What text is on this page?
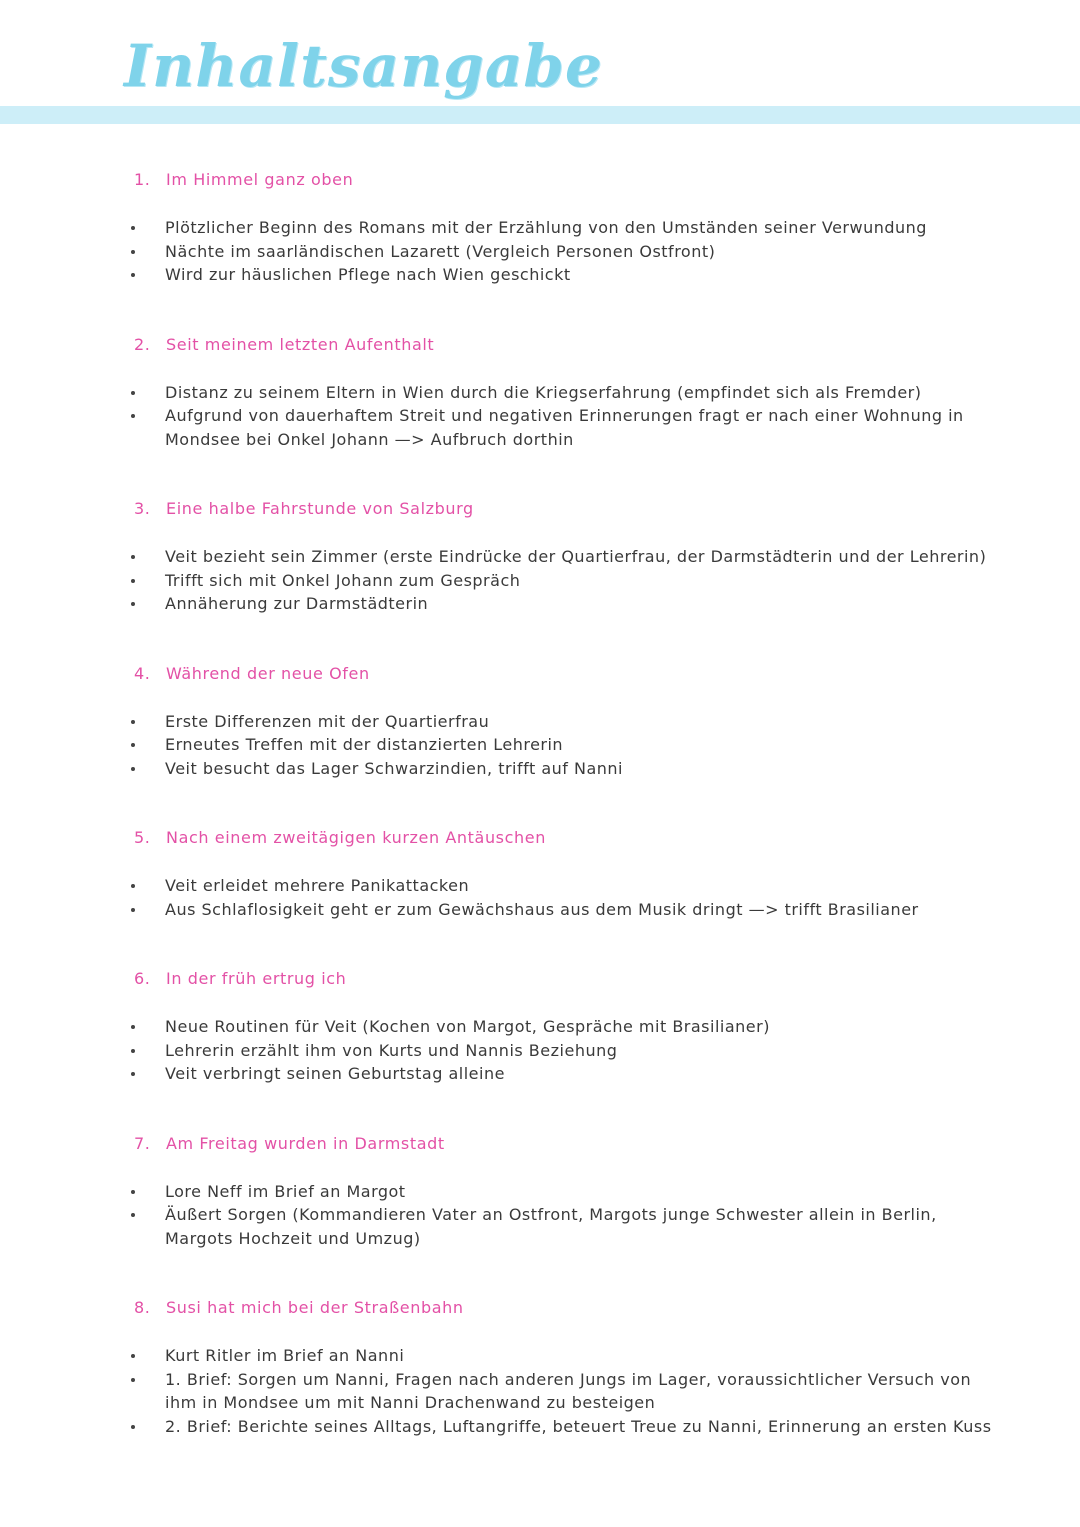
Inhaltsangabe
1. Im Himmel ganz oben
Plötzlicher Beginn des Romans mit der Erzählung von den Umständen seiner Verwundung
Nächte im saarländischen Lazarett (Vergleich Personen Ostfront)
Wird zur häuslichen Pflege nach Wien geschickt
2. Seit meinem letzten Aufenthalt
Distanz zu seinem Eltern in Wien durch die Kriegserfahrung (empfindet sich als Fremder)
Aufgrund von dauerhaftem Streit und negativen Erinnerungen fragt er nach einer Wohnung in Mondsee bei Onkel Johann —> Aufbruch dorthin
3. Eine halbe Fahrstunde von Salzburg
Veit bezieht sein Zimmer (erste Eindrücke der Quartierfrau, der Darmstädterin und der Lehrerin)
Trifft sich mit Onkel Johann zum Gespräch
Annäherung zur Darmstädterin
4. Während der neue Ofen
Erste Differenzen mit der Quartierfrau
Erneutes Treffen mit der distanzierten Lehrerin
Veit besucht das Lager Schwarzindien, trifft auf Nanni
5. Nach einem zweitägigen kurzen Antäuschen
Veit erleidet mehrere Panikattacken
Aus Schlaflosigkeit geht er zum Gewächshaus aus dem Musik dringt —> trifft Brasilianer
6. In der früh ertrug ich
Neue Routinen für Veit (Kochen von Margot, Gespräche mit Brasilianer)
Lehrerin erzählt ihm von Kurts und Nannis Beziehung
Veit verbringt seinen Geburtstag alleine
7. Am Freitag wurden in Darmstadt
Lore Neff im Brief an Margot
Äußert Sorgen (Kommandieren Vater an Ostfront, Margots junge Schwester allein in Berlin, Margots Hochzeit und Umzug)
8. Susi hat mich bei der Straßenbahn
Kurt Ritler im Brief an Nanni
1. Brief: Sorgen um Nanni, Fragen nach anderen Jungs im Lager, voraussichtlicher Versuch von ihm in Mondsee um mit Nanni Drachenwand zu besteigen
2. Brief: Berichte seines Alltags, Luftangriffe, beteuert Treue zu Nanni, Erinnerung an ersten Kuss
